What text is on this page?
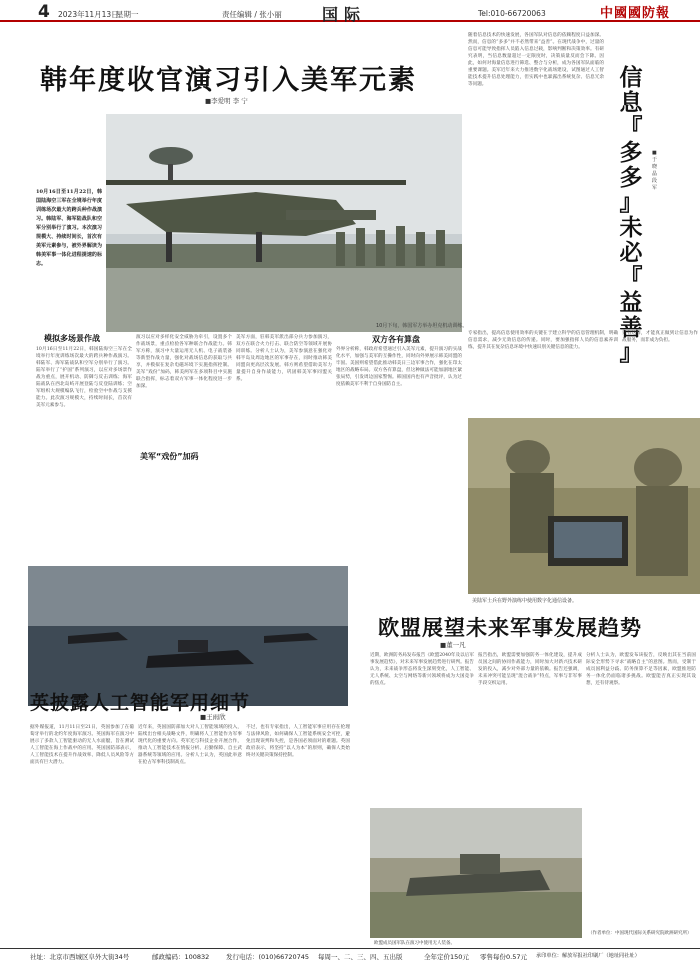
4 2023年11月13日
星期一	责任编辑 / 张小丽	国际	Tel:010-66720063	中國國防報
韩年度收官演习引入美军元素
■李爱明 李 宁
10月16日至11月22日，韩国陆海空三军在全境举行年度训练场次最大的跨兵种作战演习。韩陆军、海军陆战队和空军分别举行了演习。本次演习规模大、持续时间长，首次有美军元素参与，被外界解读为韩美军事一体化进程提速的标志。
10月下旬，韩国军方举办坦克机动训练。
模拟多场景作战
10月16日至11月22日，韩国陆海空三军在全境举行年度训练场次最大的跨兵种作战演习。韩陆军、海军陆战队和空军分别举行了演习。陆军举行了“护国”系列演习，以应对多场景作战为重点，展开机动、防御与反击训练；海军陆战队在西北岛屿开展登陆与反登陆训练；空军组织大规模编队飞行，检验空中作战与支援能力。此次演习规模大，持续时间长，首次有美军元素参与。
演习以应对多样化安全威胁为牵引，设置多个作战场景，重点检验各军种联合作战能力。韩军方称，演习中大量运用无人机、电子战装备等新型作战力量，强化对战场信息的获取与共享，并模拟在复杂电磁环境下实施指挥控制。美军“戏份”加码，韩美两军在多项科目中实施联合指挥，标志着双方军事一体化程度进一步加深。
美军“戏份”加码
美军方面，驻韩美军派出部分兵力参加演习，双方在联合火力打击、联合防空等领域开展协同训练。分析人士认为，美军参演意在强化对韩半岛及周边地区的军事存在，同时推动韩美同盟向更高层次发展。韩方则希望借助美军力量提升自身作战能力，巩固韩美军事同盟关系。
双方各有算盘
外界分析称，韩政府希望通过引入美军元素，提升演习的实战化水平，加强与美军的互操作性，同时向外界展示韩美同盟的牢固。美国则希望借此推动韩美日三边军事合作，强化在印太地区的战略布局。双方各有算盘，但这种做法可能加剧地区紧张局势，引发周边国家警惕。韩国国内也有声音批评，认为过度依赖美军不利于自身国防自主。
随着信息技术的快速发展，各国军队对信息的依赖程度日益加深。然而，信息的“多多”并不必然带来“益善”。在现代战争中，过量的信息可能导致指挥人员陷入信息过载，影响判断和决策效率。有研究表明，当信息数量超过一定限度时，决策质量反而会下降。因此，如何对海量信息进行筛选、整合与分析，成为各国军队面临的重要课题。美军近年来大力推进数字化战场建设，试图通过人工智能技术提升信息处理能力，但实践中也暴露出系统复杂、信息冗余等问题。	信 息 『 多 多 』 未 必 『 益 善 』
■于晓晶 段 军
专家指出，提高信息使用效率的关键在于建立科学的信息管理机制，明确信息需求，减少无效信息的传递。同时，要加强指挥人员的信息素养训练，提升其在复杂信息环境中快速识别关键信息的能力。
只有这样，才能真正做到让信息为作战服务，而非成为负担。
美陆军士兵在野外演练中使用数字化通信设备。
英披露人工智能军用细节
■王雨欣
据外媒报道，11月11日至21日，英国参加了在葡萄牙举行的北约年度海军演习。英国海军在演习中展示了多款人工智能驱动的无人水面艇，旨在测试人工智能在海上作战中的应用。英国国防部表示，人工智能技术在提升作战效率、降低人员风险等方面具有巨大潜力。
近年来，英国国防部加大对人工智能领域的投入，陆续出台相关战略文件，明确将人工智能作为军事现代化的重要方向。英军还与科技企业开展合作，推动人工智能技术在情报分析、后勤保障、自主武器系统等领域的应用。分析人士认为，英国此举意在抢占军事科技制高点。
不过，也有专家指出，人工智能军事应用存在伦理与法律风险，如何确保人工智能系统安全可控，避免出现误判和失控，是各国必须面对的难题。英国政府表示，将坚持“以人为本”的原则，确保人类始终对关键决策保持控制。
欧盟展望未来军事发展趋势
■董一凡
近期，欧洲防务局发布报告《欧盟2040年及以后军事发展趋势》，对未来军事发展趋势进行研判。报告认为，未来战争形态将发生深刻变化，人工智能、无人系统、太空与网络等新兴领域将成为大国竞争的焦点。
报告指出，欧盟需要加强防务一体化建设，提升成员国之间的协同作战能力，同时加大对新兴技术研发的投入，减少对外部力量的依赖。报告还强调，未来冲突可能呈现“混合战争”特点，军事与非军事手段交织运用。
分析人士认为，欧盟发布该报告，反映出其在当前国际安全形势下寻求“战略自主”的意图。然而，受制于成员国利益分歧、防务预算不足等因素，欧盟推进防务一体化仍面临诸多挑战。欧盟能否真正实现其设想，还有待观察。
欧盟成员国军队在演习中使用无人装备。
（作者单位：中国现代国际关系研究院欧洲研究所）
社址：北京市西城区阜外大街34号	邮政编码：100832	发行电话：(010)66720745 每周一、二、三、四、五出版	全年定价150元 零售每份0.57元 承印单位：解放军报社印刷厂（地址同社址）
